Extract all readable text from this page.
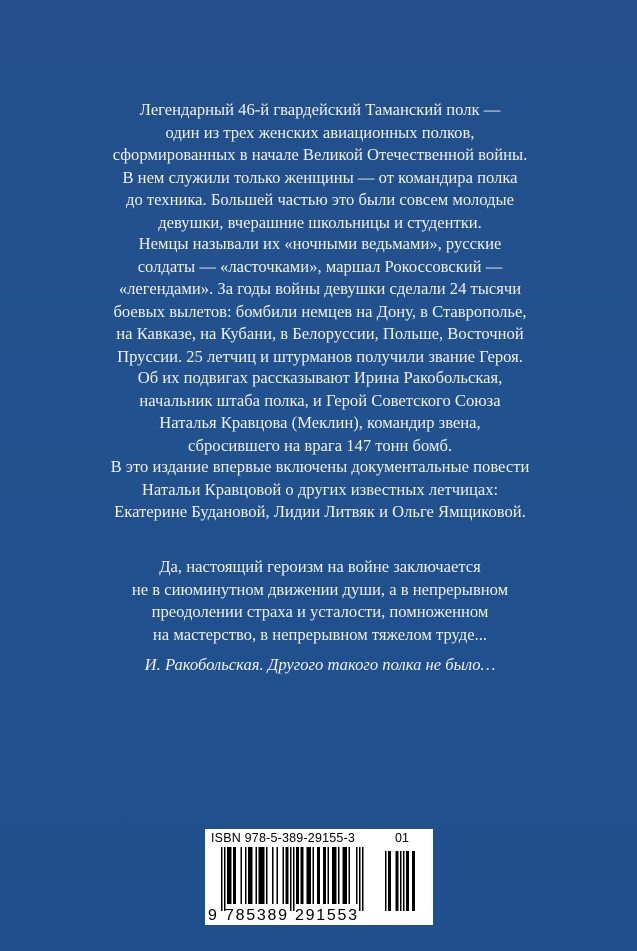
Легендарный 46-й гвардейский Таманский полк —

один из трех женских авиационных полков,

сформированных в начале Великой Отечественной войны.

В нем служили только женщины — от командира полка

до техника. Большей частью это были совсем молодые

девушки, вчерашние школьницы и студентки.

Немцы называли их «ночными ведьмами», русские

солдаты — «ласточками», маршал Рокоссовский —

«легендами». За годы войны девушки сделали 24 тысячи

боевых вылетов: бомбили немцев на Дону, в Ставрополье,

на Кавказе, на Кубани, в Белоруссии, Польше, Восточной

Пруссии. 25 летчиц и штурманов получили звание Героя.

Об их подвигах рассказывают Ирина Ракобольская,

начальник штаба полка, и Герой Советского Союза

Наталья Кравцова (Меклин), командир звена,

сбросившего на врага 147 тонн бомб.

В это издание впервые включены документальные повести

Натальи Кравцовой о других известных летчицах:

Екатерине Будановой, Лидии Литвяк и Ольге Ямщиковой.

Да, настоящий героизм на войне заключается

не в сиюминутном движении души, а в непрерывном

преодолении страха и усталости, помноженном

на мастерство, в непрерывном тяжелом труде...

И. Ракобольская. Другого такого полка не было…

ISBN 978-5-389-29155-3	01
9 785389 291553
